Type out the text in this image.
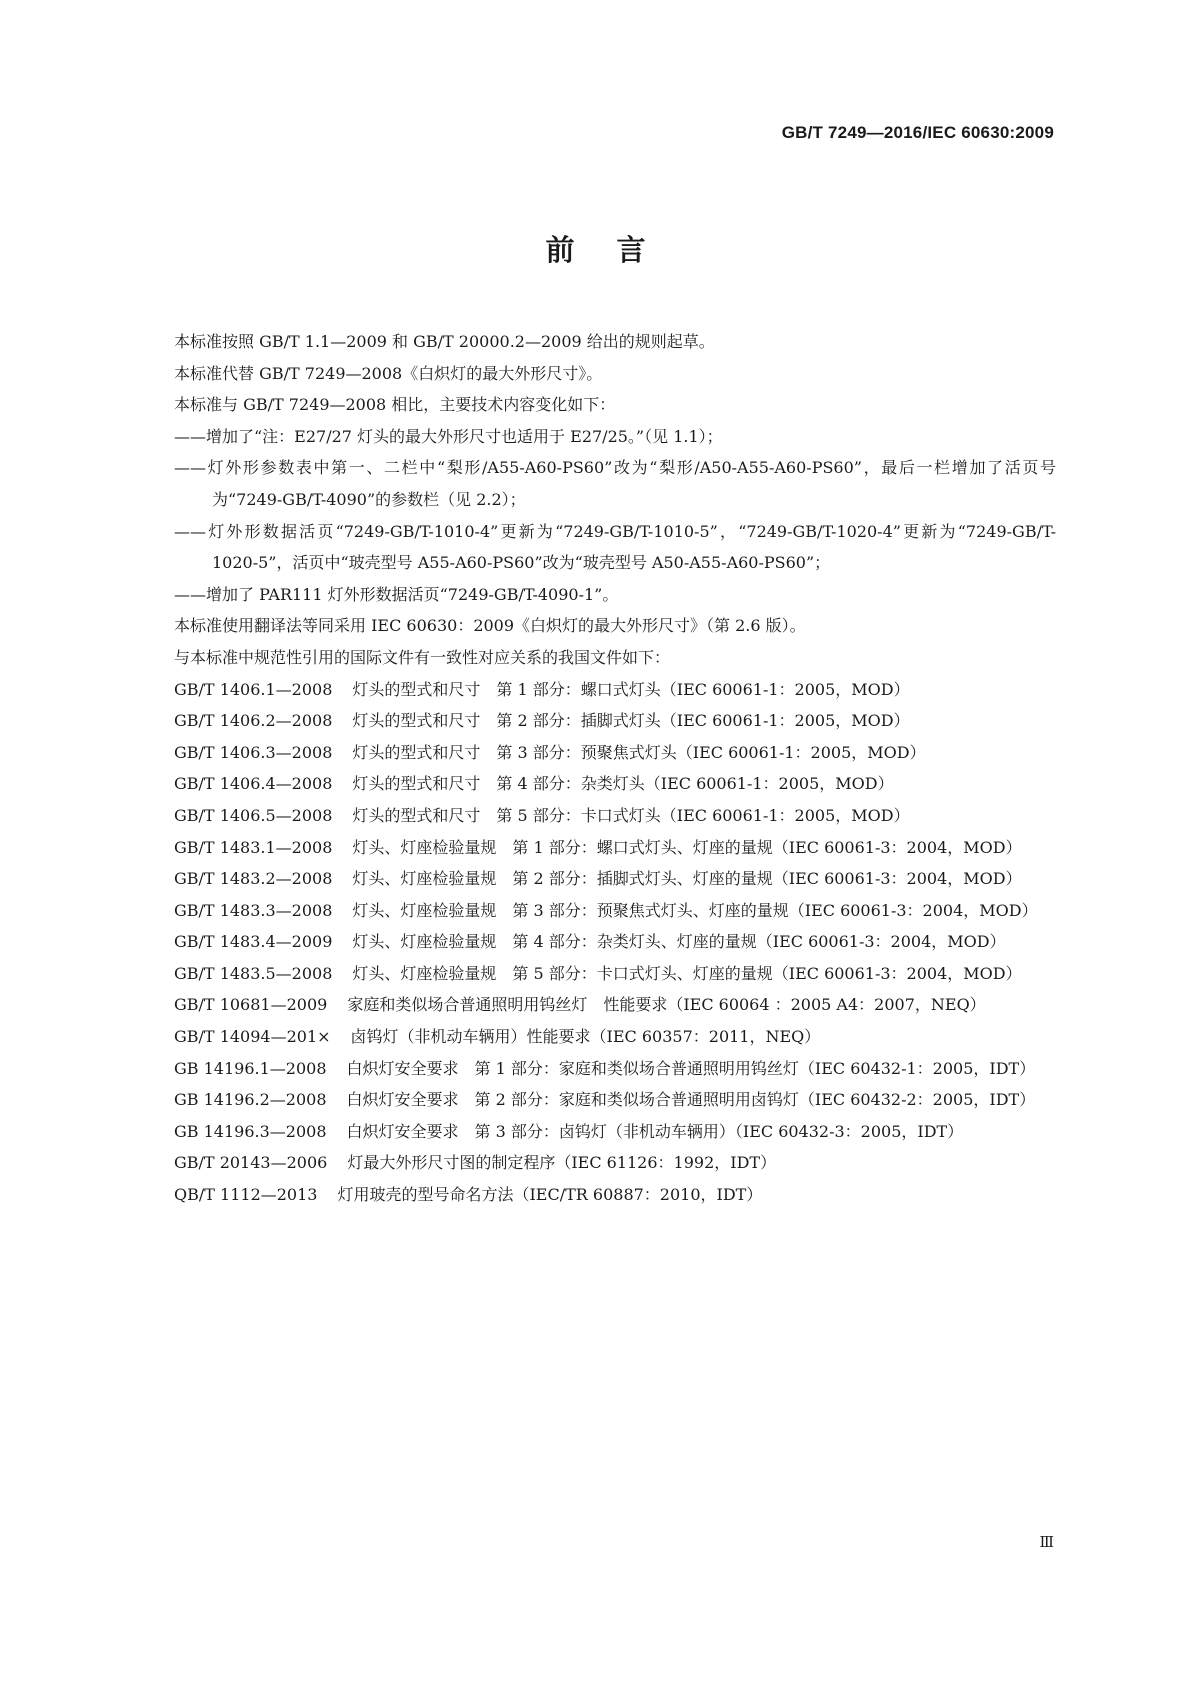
GB/T 7249—2016/IEC 60630:2009
前言

本标准按照 GB/T 1.1—2009 和 GB/T 20000.2—2009 给出的规则起草。

本标准代替 GB/T 7249—2008《白炽灯的最大外形尺寸》。

本标准与 GB/T 7249—2008 相比，主要技术内容变化如下：

——增加了“注：E27/27 灯头的最大外形尺寸也适用于 E27/25。”（见 1.1）；

——灯外形参数表中第一、二栏中“梨形/A55-A60-PS60”改为“梨形/A50-A55-A60-PS60”，最后一栏增加了活页号为“7249-GB/T-4090”的参数栏（见 2.2）；

——灯外形数据活页“7249-GB/T-1010-4”更新为“7249-GB/T-1010-5”，“7249-GB/T-1020-4”更新为“7249-GB/T-1020-5”，活页中“玻壳型号 A55-A60-PS60”改为“玻壳型号 A50-A55-A60-PS60”；

——增加了 PAR111 灯外形数据活页“7249-GB/T-4090-1”。

本标准使用翻译法等同采用 IEC 60630：2009《白炽灯的最大外形尺寸》（第 2.6 版）。

与本标准中规范性引用的国际文件有一致性对应关系的我国文件如下：

GB/T 1406.1—2008 灯头的型式和尺寸　第 1 部分：螺口式灯头（IEC 60061-1：2005，MOD）

GB/T 1406.2—2008 灯头的型式和尺寸　第 2 部分：插脚式灯头（IEC 60061-1：2005，MOD）

GB/T 1406.3—2008 灯头的型式和尺寸　第 3 部分：预聚焦式灯头（IEC 60061-1：2005，MOD）

GB/T 1406.4—2008 灯头的型式和尺寸　第 4 部分：杂类灯头（IEC 60061-1：2005，MOD）

GB/T 1406.5—2008 灯头的型式和尺寸　第 5 部分：卡口式灯头（IEC 60061-1：2005，MOD）

GB/T 1483.1—2008 灯头、灯座检验量规　第 1 部分：螺口式灯头、灯座的量规（IEC 60061-3：2004，MOD）

GB/T 1483.2—2008 灯头、灯座检验量规　第 2 部分：插脚式灯头、灯座的量规（IEC 60061-3：2004，MOD）

GB/T 1483.3—2008 灯头、灯座检验量规　第 3 部分：预聚焦式灯头、灯座的量规（IEC 60061-3：2004，MOD）

GB/T 1483.4—2009 灯头、灯座检验量规　第 4 部分：杂类灯头、灯座的量规（IEC 60061-3：2004，MOD）

GB/T 1483.5—2008 灯头、灯座检验量规　第 5 部分：卡口式灯头、灯座的量规（IEC 60061-3：2004，MOD）

GB/T 10681—2009 家庭和类似场合普通照明用钨丝灯　性能要求（IEC 60064 ：2005 A4：2007，NEQ）

GB/T 14094—201× 卤钨灯（非机动车辆用）性能要求（IEC 60357：2011，NEQ）

GB 14196.1—2008 白炽灯安全要求　第 1 部分：家庭和类似场合普通照明用钨丝灯（IEC 60432-1：2005，IDT）

GB 14196.2—2008 白炽灯安全要求　第 2 部分：家庭和类似场合普通照明用卤钨灯（IEC 60432-2：2005，IDT）

GB 14196.3—2008 白炽灯安全要求　第 3 部分：卤钨灯（非机动车辆用）（IEC 60432-3：2005，IDT）

GB/T 20143—2006 灯最大外形尺寸图的制定程序（IEC 61126：1992，IDT）

QB/T 1112—2013 灯用玻壳的型号命名方法（IEC/TR 60887：2010，IDT）

Ⅲ
